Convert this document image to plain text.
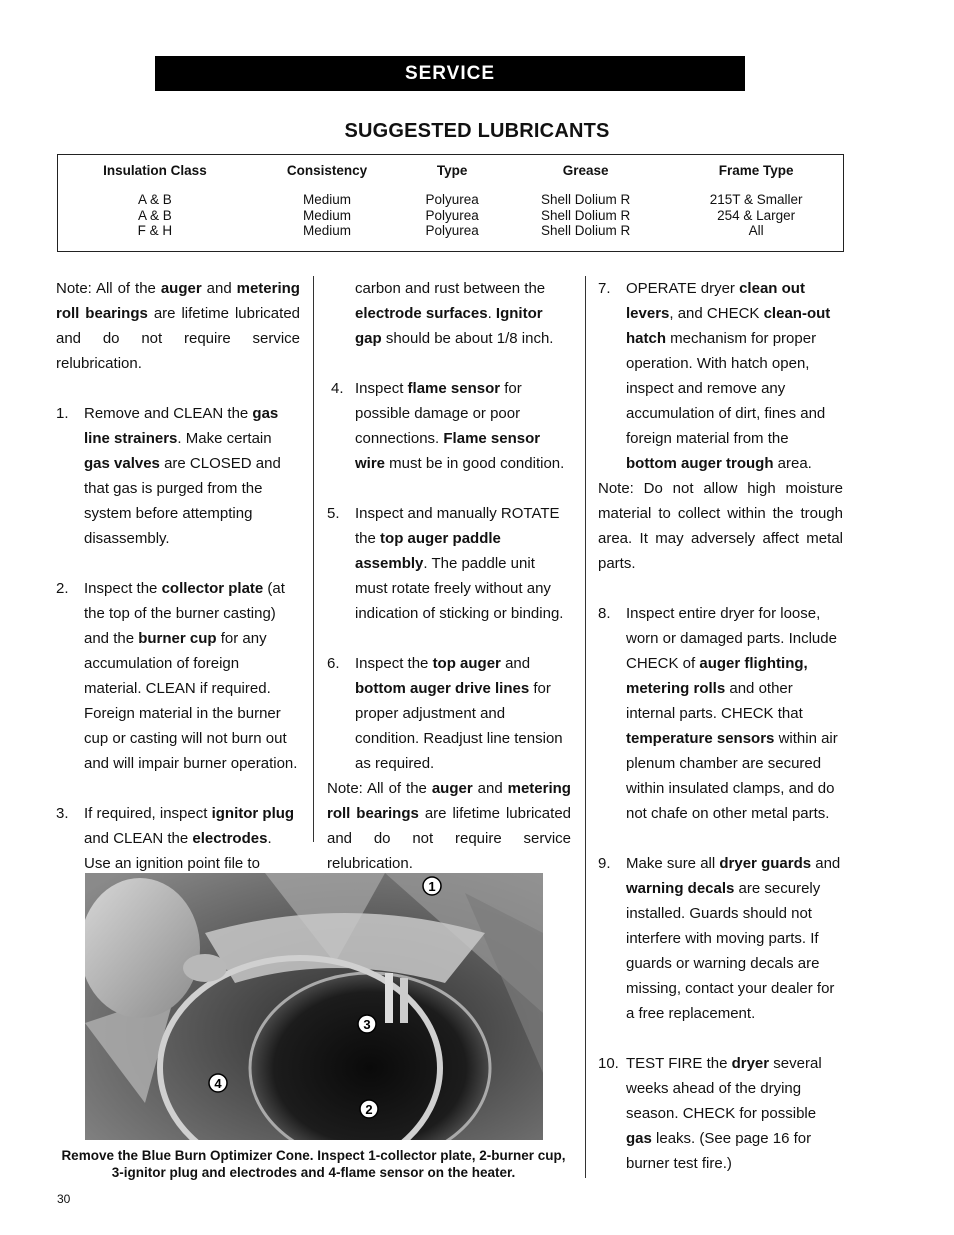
SERVICE
SUGGESTED LUBRICANTS
Insulation Class	Consistency	Type	Grease	Frame Type
A & B	Medium	Polyurea	Shell Dolium R	215T & Smaller
A & B	Medium	Polyurea	Shell Dolium R	254 & Larger
F & H	Medium	Polyurea	Shell Dolium R	All

Note: All of the auger and metering roll bearings are lifetime lubricated and do not require service relubrication.

1. Remove and CLEAN the gas line strainers. Make certain gas valves are CLOSED and that gas is purged from the system before attempting disassembly.
2. Inspect the collector plate (at the top of the burner casting) and the burner cup for any accumulation of foreign material. CLEAN if required. Foreign material in the burner cup or casting will not burn out and will impair burner operation.
3. If required, inspect ignitor plug and CLEAN the electrodes. Use an ignition point file to
carbon and rust between the electrode surfaces. Ignitor gap should be about 1/8 inch.
4. Inspect flame sensor for possible damage or poor connections. Flame sensor wire must be in good condition.
5. Inspect and manually ROTATE the top auger paddle assembly. The paddle unit must rotate freely without any indication of sticking or binding.
6. Inspect the top auger and bottom auger drive lines for proper adjustment and condition. Readjust line tension as required.

Note: All of the auger and metering roll bearings are lifetime lubricated and do not require service relubrication.

7. OPERATE dryer clean out levers, and CHECK clean-out hatch mechanism for proper operation. With hatch open, inspect and remove any accumulation of dirt, fines and foreign material from the bottom auger trough area.

Note: Do not allow high moisture material to collect within the trough area. It may adversely affect metal parts.

8. Inspect entire dryer for loose, worn or damaged parts. Include CHECK of auger flighting, metering rolls and other internal parts. CHECK that temperature sensors within air plenum chamber are secured within insulated clamps, and do not chafe on other metal parts.
9. Make sure all dryer guards and warning decals are securely installed. Guards should not interfere with moving parts. If guards or warning decals are missing, contact your dealer for a free replacement.
10. TEST FIRE the dryer several weeks ahead of the drying season. CHECK for possible gas leaks. (See page 16 for burner test fire.)
1
2
3
4
Remove the Blue Burn Optimizer Cone. Inspect 1-collector plate, 2-burner cup, 3-ignitor plug and electrodes and 4-flame sensor on the heater.
30
